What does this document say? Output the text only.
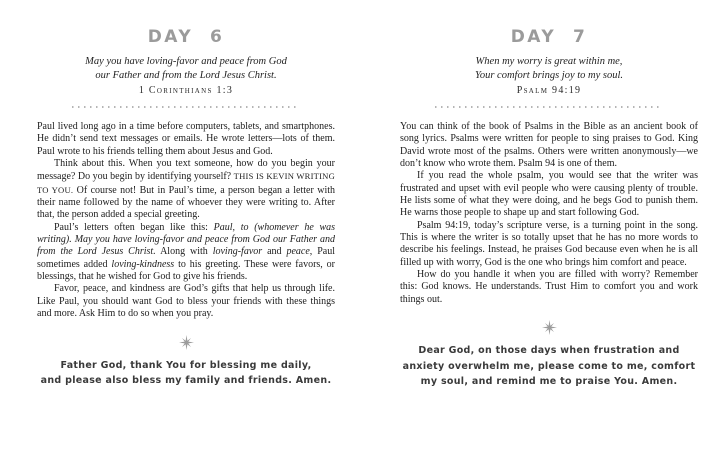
DAY  6
May you have loving-favor and peace from God
our Father and from the Lord Jesus Christ.
1 Corinthians 1:3

Paul lived long ago in a time before computers, tablets, and smartphones. He didn’t send text messages or emails. He wrote letters—lots of them. Paul wrote to his friends telling them about Jesus and God.

Think about this. When you text someone, how do you begin your message? Do you begin by identifying yourself? THIS IS KEVIN WRITING TO YOU. Of course not! But in Paul’s time, a person began a letter with their name followed by the name of whoever they were writing to. After that, the person added a special greeting.

Paul’s letters often began like this: Paul, to (whomever he was writing). May you have loving-favor and peace from God our Father and from the Lord Jesus Christ. Along with loving-favor and peace, Paul sometimes added loving-kindness to his greeting. These were favors, or blessings, that he wished for God to give his friends.

Favor, peace, and kindness are God’s gifts that help us through life. Like Paul, you should want God to bless your friends with these things and more. Ask Him to do so when you pray.

Father God, thank You for blessing me daily,
and please also bless my family and friends. Amen.
DAY  7
When my worry is great within me,
Your comfort brings joy to my soul.
Psalm 94:19

You can think of the book of Psalms in the Bible as an ancient book of song lyrics. Psalms were written for people to sing praises to God. King David wrote most of the psalms. Others were written anonymously—we don’t know who wrote them. Psalm 94 is one of them.

If you read the whole psalm, you would see that the writer was frustrated and upset with evil people who were causing plenty of trouble. He lists some of what they were doing, and he begs God to punish them. He warns those people to shape up and start following God.

Psalm 94:19, today’s scripture verse, is a turning point in the song. This is where the writer is so totally upset that he has no more words to describe his feelings. Instead, he praises God because even when he is all filled up with worry, God is the one who brings him comfort and peace.

How do you handle it when you are filled with worry? Remember this: God knows. He understands. Trust Him to comfort you and work things out.

Dear God, on those days when frustration and
anxiety overwhelm me, please come to me, comfort
my soul, and remind me to praise You. Amen.
